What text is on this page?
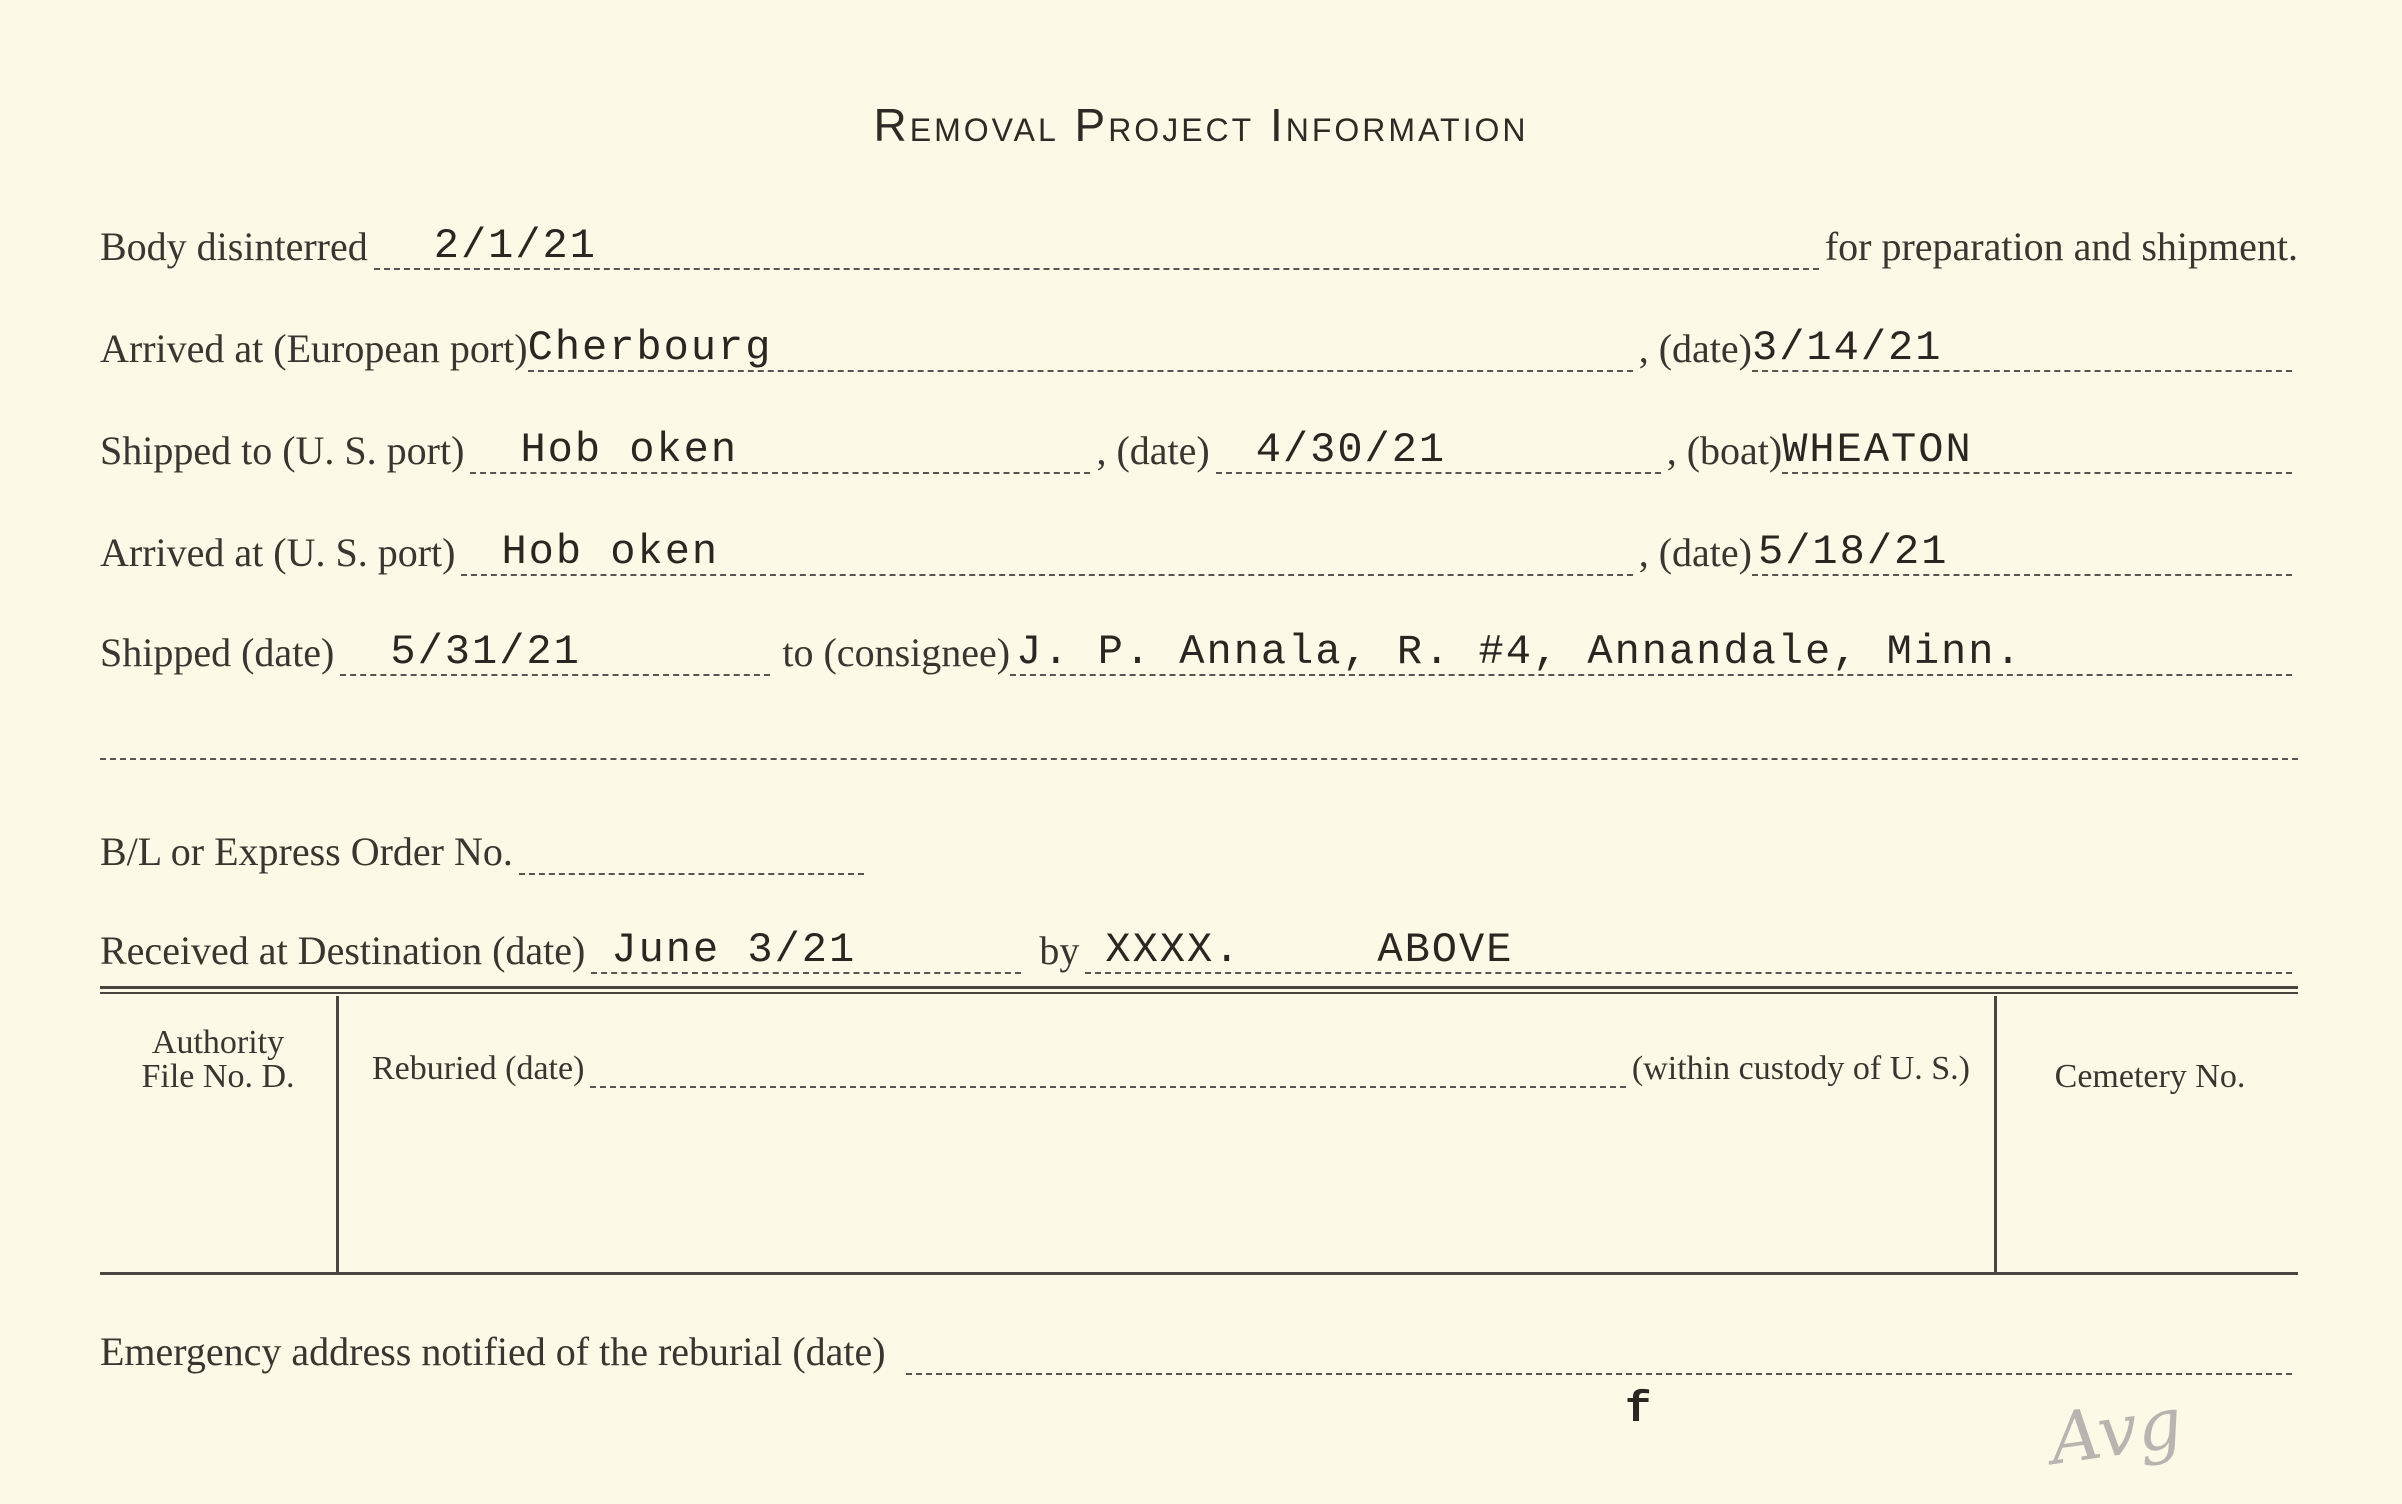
Removal Project Information
Body disinterred 2/1/21	for preparation and shipment.
Arrived at (European port) Cherbourg	, (date) 3/14/21
Shipped to (U. S. port) Hob oken	, (date) 4/30/21	, (boat) WHEATON
Arrived at (U. S. port) Hob oken	, (date) 5/18/21
Shipped (date) 5/31/21	to (consignee) J. P. Annala, R. #4, Annandale, Minn.
B/L or Express Order No.
Received at Destination (date) June 3/21	by XXXX.     ABOVE
Authority
File No. D.	Reburied (date)	(within custody of U. S.)	Cemetery No.
Emergency address notified of the reburial (date)
f	Avg
